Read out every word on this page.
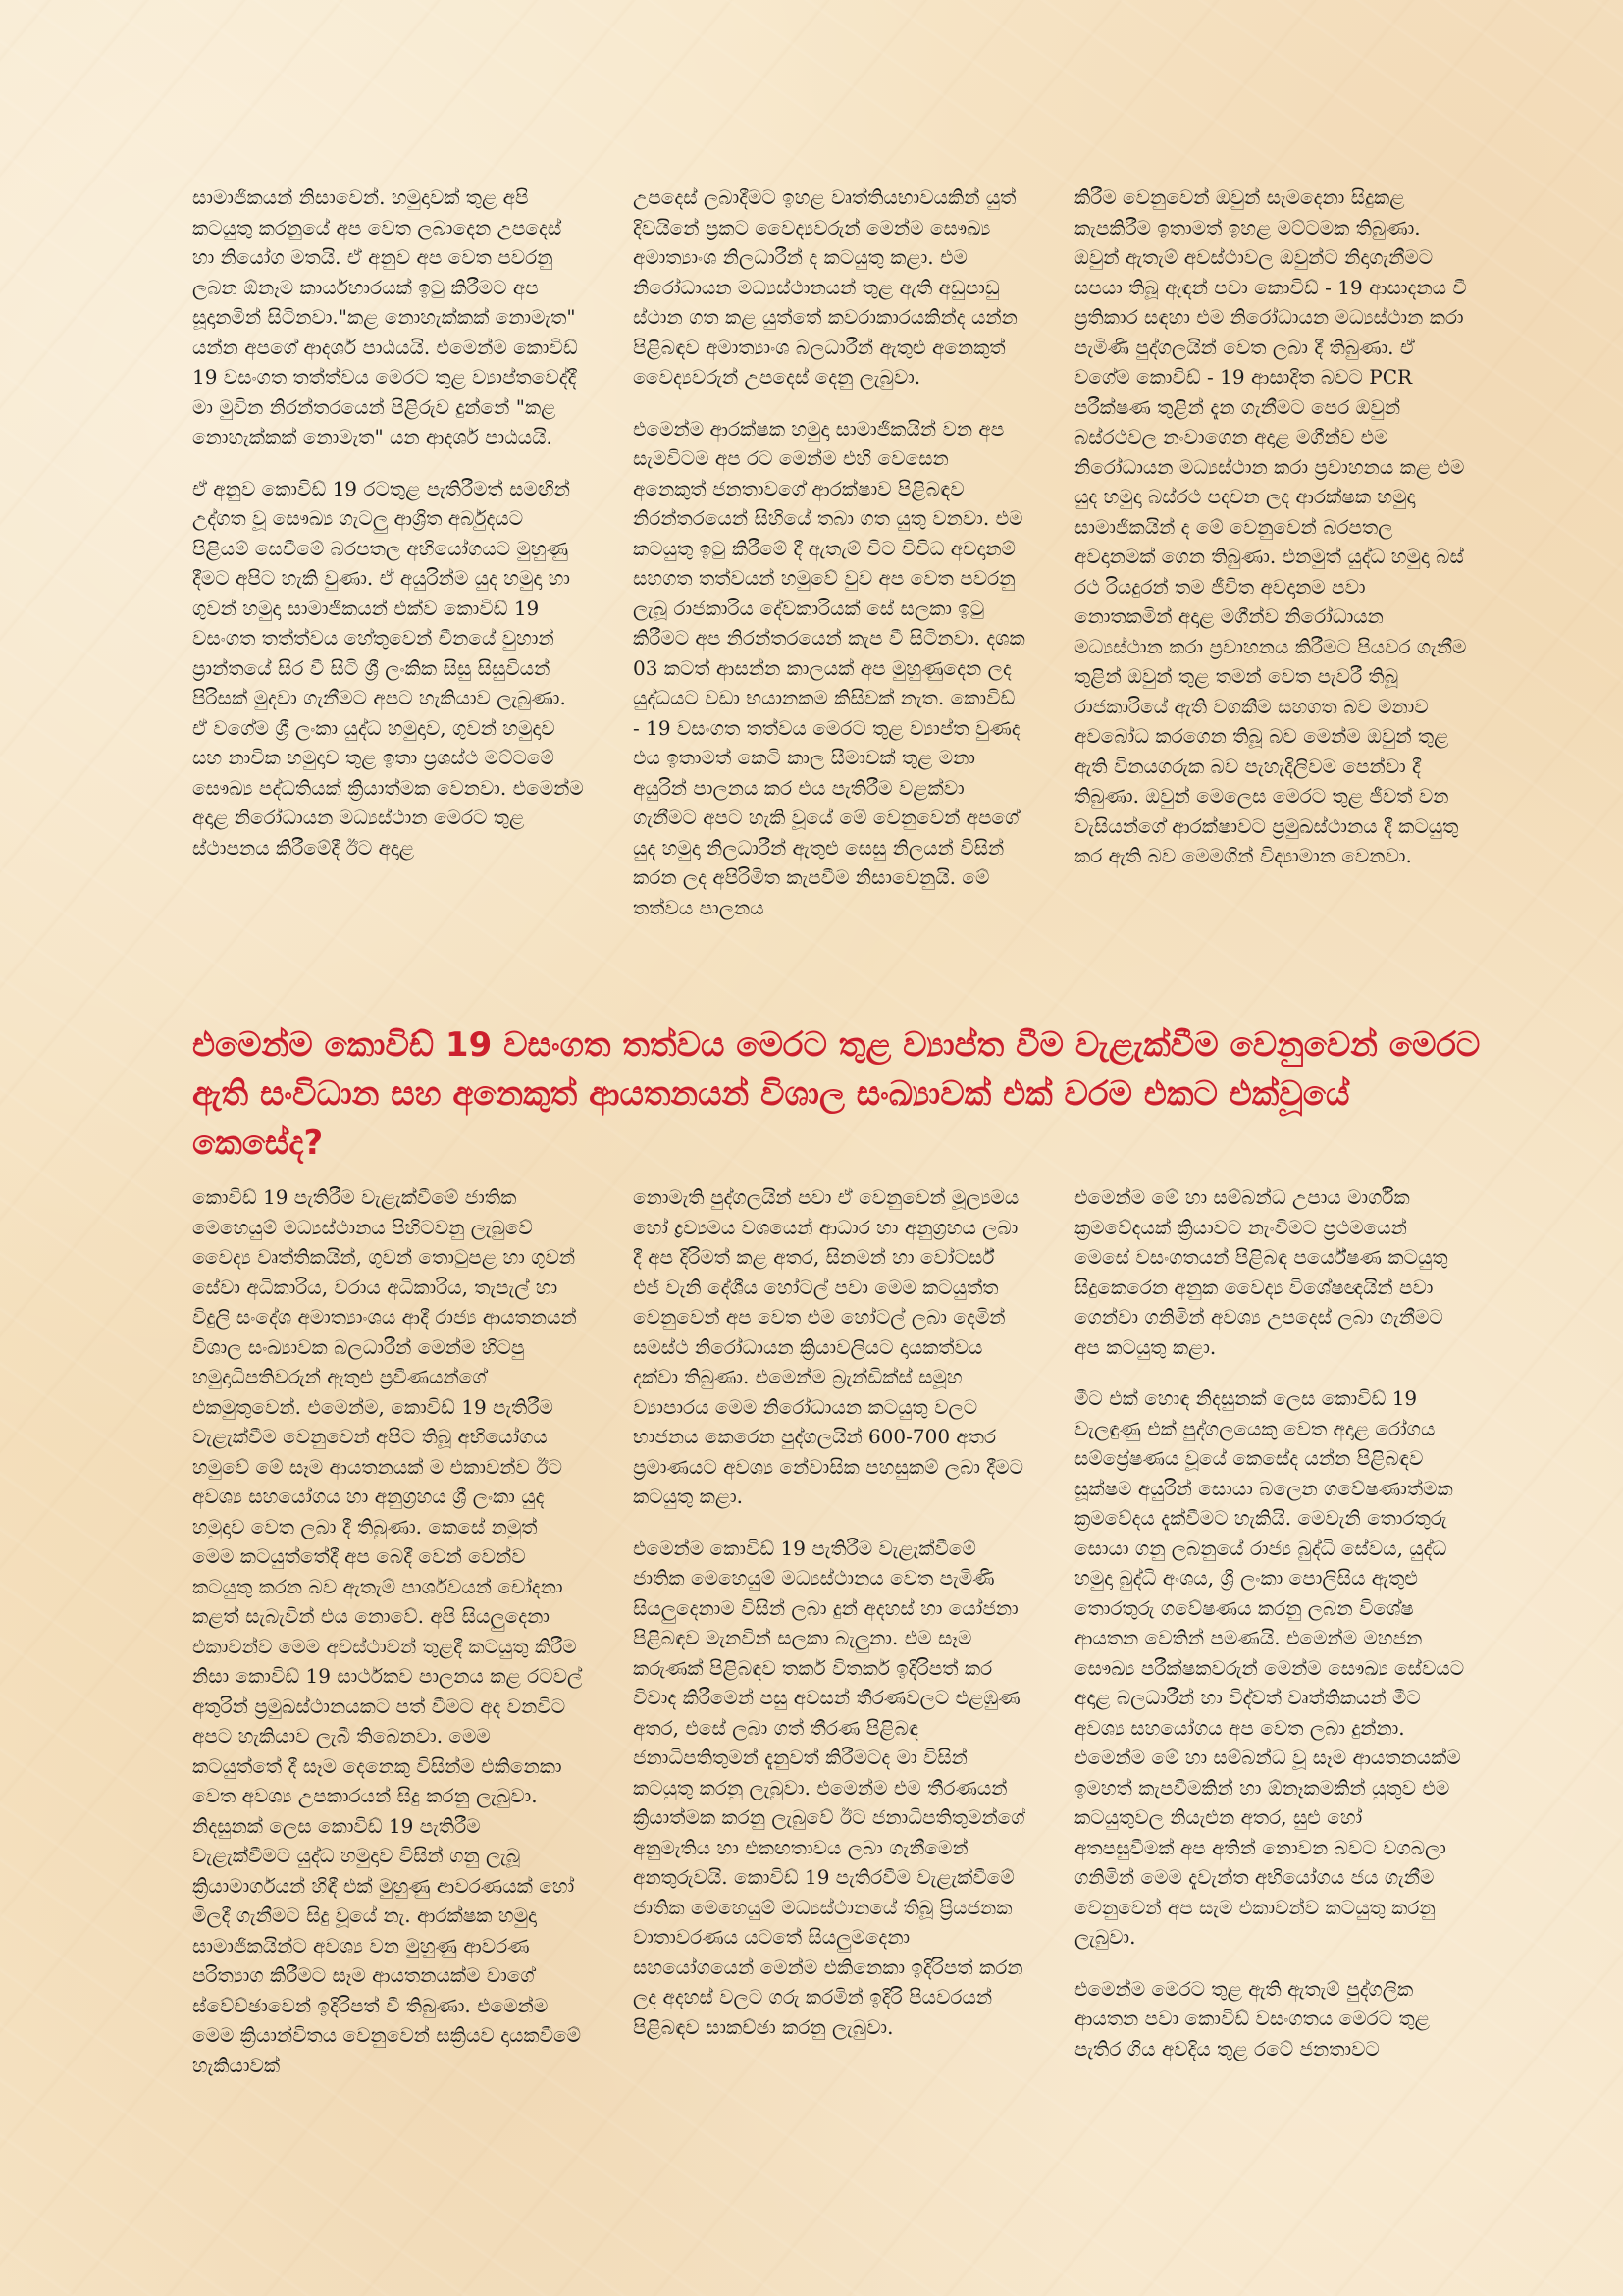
සාමාජිකයන් නිසාවෙන්. හමුදාවක් තුළ අපි කටයුතු කරනුයේ අප වෙත ලබාදෙන උපදෙස් හා නියෝග මතයි. ඒ අනුව අප වෙත පවරනු ලබන ඕනෑම කාර්යභාරයක් ඉටු කිරීමට අප සූදානමින් සිටිනවා."කළ නොහැක්කක් නොමැත" යන්න අපගේ ආදර්ශ පාඨයයි. එමෙන්ම කොවිඩ් 19 වසංගත තත්ත්වය මෙරට තුළ ව්‍යාප්තවෙද්දී මා මුවින නිරන්තරයෙන් පිළිරුව දුන්නේ "කළ නොහැක්කක් නොමැත" යන ආදර්ශ පාඨයයි.

ඒ අනුව කොවිඩ් 19 රටතුළ පැතිරීමත් සමඟින් උද්ගත වූ සෞඛ්‍ය ගැටලු ආශ්‍රිත අර්බුදයට පිළියම් සෙවීමේ බරපතල අභියෝගයට මුහුණු දීමට අපිට හැකි වුණා. ඒ අයුරින්ම යුද හමුදා හා ගුවන් හමුදා සාමාජිකයන් එක්ව කොවිඩ් 19 වසංගත තත්ත්වය හේතුවෙන් චීනයේ වුහාන් ප්‍රාන්තයේ සිර වී සිටි ශ්‍රී ලංකික සිසු සිසුවියන් පිරිසක් මුදවා ගැනීමට අපට හැකියාව ලැබුණා. ඒ වගේම ශ්‍රී ලංකා යුද්ධ හමුදාව, ගුවන් හමුදාව සහ නාවික හමුදාව තුළ ඉතා ප්‍රශස්ථ මට්ටමේ සෞඛ්‍ය පද්ධතියක් ක්‍රියාත්මක වෙනවා. එමෙන්ම අදාළ නිරෝධායන මධ්‍යස්ථාන මෙරට තුළ ස්ථාපනය කිරීමේදී ඊට අදාළ

උපදෙස් ලබාදීමට ඉහළ වෘත්තියභාවයකින් යුත් දිවයිනේ ප්‍රකට වෛද්‍යවරුන් මෙන්ම සෞඛ්‍ය අමාත්‍යාංශ නිලධාරීන් ද කටයුතු කළා. එම නිරෝධායන මධ්‍යස්ථානයන් තුළ ඇති අඩුපාඩු ස්ථාන ගත කළ යුත්තේ කවරාකාරයකින්ද යන්න පිළිබඳව අමාත්‍යාංශ බලධාරීන් ඇතුළු අනෙකුත් වෛද්‍යවරුන් උපදෙස් දෙනු ලැබුවා.

එමෙන්ම ආරක්ෂක හමුදා සාමාජිකයින් වන අප සැමවිටම අප රට මෙන්ම එහි වෙසෙන අනෙකුත් ජනතාවගේ ආරක්ෂාව පිළිබඳව නිරන්තරයෙන් සිහියේ තබා ගත යුතු වනවා. එම කටයුතු ඉටු කිරීමේ දී ඇතැම් විට විවිධ අවදානම් සහගත තත්වයන් හමුවේ වුව අප වෙත පවරනු ලැබූ රාජකාරිය දේවකාරියක් සේ සලකා ඉටු කිරීමට අප නිරන්තරයෙන් කැප වී සිටිනවා. දශක 03 කටත් ආසන්න කාලයක් අප මුහුණුදෙන ලද යුද්ධයට වඩා භයානකම කිසිවක් නැත. කොවිඩ් - 19 වසංගත තත්වය මෙරට තුළ ව්‍යාප්ත වුණද එය ඉතාමත් කෙටි කාල සීමාවක් තුළ මනා අයුරින් පාලනය කර එය පැතිරීම වළක්වා ගැනීමට අපට හැකි වූයේ මේ වෙනුවෙන් අපගේ යුද හමුදා නිලධාරීන් ඇතුළු සෙසු නිලයන් විසින් කරන ලද අපිරිමිත කැපවීම නිසාවෙනුයි. මේ තත්වය පාලනය

කිරීම වෙනුවෙන් ඔවුන් සැමදෙනා සිදුකළ කැපකිරීම ඉතාමත් ඉහළ මට්ටමක තිබුණා. ඔවුන් ඇතැම් අවස්ථාවල ඔවුන්ට නිදාගැනීමට සපයා තිබූ ඇඳන් පවා කොවිඩ් - 19 ආසාදනය වී ප්‍රතිකාර සඳහා එම නිරෝධායන මධ්‍යස්ථාන කරා පැමිණි පුද්ගලයින් වෙත ලබා දී තිබුණා. ඒ වගේම කොවිඩ් - 19 ආසාදිත බවට PCR පරීක්ෂණ තුළින් දැන ගැනීමට පෙර ඔවුන් බස්රථවල නංවාගෙන අදාළ මගීන්ව එම නිරෝධායන මධ්‍යස්ථාන කරා ප්‍රවාහනය කළ එම යුද හමුදා බස්රථ පදවන ලද ආරක්ෂක හමුදා සාමාජිකයින් ද මේ වෙනුවෙන් බරපතල අවදානමක් ගෙන තිබුණා. එනමුත් යුද්ධ හමුදා බස් රථ රියදුරන් තම ජීවිත අවදානම පවා නොතකමින් අදාළ මගීන්ව නිරෝධායන මධ්‍යස්ථාන කරා ප්‍රවාහනය කිරීමට පියවර ගැනීම තුළින් ඔවුන් තුළ තමන් වෙත පැවරී තිබූ රාජකාරියේ ඇති වගකීම සහගත බව මනාව අවබෝධ කරගෙන තිබූ බව මෙන්ම ඔවුන් තුළ ඇති විනයගරුක බව පැහැදිලිවම පෙන්වා දී තිබුණා. ඔවුන් මෙලෙස මෙරට තුළ ජීවත් වන වැසියන්ගේ ආරක්ෂාවට ප්‍රමුඛස්ථානය දී කටයුතු කර ඇති බව මෙමගින් විද්‍යාමාන වෙනවා.

එමෙන්ම කොවිඩ් 19 වසංගත තත්වය මෙරට තුළ ව්‍යාප්ත වීම වැළැක්වීම වෙනුවෙන් මෙරට ඇති සංවිධාන සහ අනෙකුත් ආයතනයන් විශාල සංඛ්‍යාවක් එක් වරම එකට එක්වූයේ කෙසේද?

කොවිඩ් 19 පැතිරීම වැළැක්වීමේ ජාතික මෙහෙයුම් මධ්‍යස්ථානය පිහිටවනු ලැබුවේ වෛද්‍ය වෘත්තිකයින්, ගුවන් තොටුපළ හා ගුවන් සේවා අධිකාරිය, වරාය අධිකාරිය, තැපැල් හා විදුලි සංදේශ අමාත්‍යාංශය ආදී රාජ්‍ය ආයතනයන් විශාල සංඛ්‍යාවක බලධාරීන් මෙන්ම හිටපු හමුදාධිපතිවරුන් ඇතුළු ප්‍රවීණයන්ගේ එකමුතුවෙන්. එමෙන්ම, කොවිඩ් 19 පැතිරීම වැළැක්වීම වෙනුවෙන් අපිට තිබූ අභියෝගය හමුවේ මේ සෑම ආයතනයක් ම එකාවන්ව ඊට අවශ්‍ය සහයෝගය හා අනුග්‍රහය ශ්‍රී ලංකා යුද හමුදාව වෙත ලබා දී තිබුණා. කෙසේ නමුත් මෙම කටයුත්තේදී අප බෙදී වෙන් වෙන්ව කටයුතු කරන බව ඇතැම් පාර්ශවයන් චෝදනා කළත් සැබැවින් එය නොවේ. අපි සියලුදෙනා එකාවන්ව මෙම අවස්ථාවන් තුළදී කටයුතු කිරීම නිසා කොවිඩ් 19 සාර්ථකව පාලනය කළ රටවල් අතුරින් ප්‍රමුඛස්ථානයකට පත් වීමට අද වනවිට අපට හැකියාව ලැබී තිබෙනවා. මෙම කටයුත්තේ දී සෑම දෙනෙකු විසින්ම එකිනෙකා වෙත අවශ්‍ය උපකාරයන් සිදු කරනු ලැබුවා. නිදසුනක් ලෙස කොවිඩ් 19 පැතිරීම වැළැක්වීමට යුද්ධ හමුදාව විසින් ගනු ලැබූ ක්‍රියාමාර්ගයන් හිඳී එක් මුහුණු ආවරණයක් හෝ මිලදී ගැනීමට සිදු වූයේ නැ. ආරක්ෂක හමුදා සාමාජිකයින්ට අවශ්‍ය වන මුහුණු ආවරණ පරිත්‍යාග කිරීමට සෑම ආයතනයක්ම වාගේ ස්වේච්ඡාවෙන් ඉදිරිපත් වී තිබුණා. එමෙන්ම මෙම ක්‍රියාන්විතය වෙනුවෙන් සක්‍රියව දායකවීමේ හැකියාවක්

නොමැති පුද්ගලයින් පවා ඒ වෙනුවෙන් මූල්‍යමය හෝ ද්‍රව්‍යමය වශයෙන් ආධාර හා අනුග්‍රහය ලබා දී අප දිරිමත් කළ අතර, සිනමන් හා වෝටර්ස් එජ් වැනි දේශීය හෝටල් පවා මෙම කටයුත්ත වෙනුවෙන් අප වෙත එම හෝටල් ලබා දෙමින් සමස්ථ නිරෝධායන ක්‍රියාවලියට දායකත්වය දක්වා තිබුණා. එමෙන්ම බ්‍රැන්ඩික්ස් සමූහ ව්‍යාපාරය මෙම නිරෝධායන කටයුතු වලට භාජනය කෙරෙන පුද්ගලයින් 600-700 අතර ප්‍රමාණයට අවශ්‍ය නේවාසික පහසුකම් ලබා දීමට කටයුතු කළා.

එමෙන්ම කොවිඩ් 19 පැතිරීම වැළැක්වීමේ ජාතික මෙහෙයුම් මධ්‍යස්ථානය වෙත පැමිණි සියලුදෙනාම විසින් ලබා දුන් අදහස් හා යෝජනා පිළිබඳව මැනවින් සලකා බැලුනා. එම සෑම කරුණක් පිළිබඳව තර්ක විතර්ක ඉදිරිපත් කර විවාද කිරීමෙන් පසු අවසන් තීරණවලට එළඹුණ අතර, එසේ ලබා ගත් තීරණ පිළිබඳ ජනාධිපතිතුමන් දැනුවත් කිරීමටද මා විසින් කටයුතු කරනු ලැබුවා. එමෙන්ම එම තීරණයන් ක්‍රියාත්මක කරනු ලැබුවේ ඊට ජනාධිපතිතුමන්ගේ අනුමැතිය හා එකඟතාවය ලබා ගැනීමෙන් අනතුරුවයි. කොවිඩ් 19 පැතිරවීම වැළැක්වීමේ ජාතික මෙහෙයුම් මධ්‍යස්ථානයේ තිබූ ප්‍රියජනක වාතාවරණය යටතේ සියලුමදෙනා සහයෝගයෙන් මෙන්ම එකිනෙකා ඉදිරිපත් කරන ලද අදහස් වලට ගරු කරමින් ඉදිරි පියවරයන් පිළිබඳව සාකච්ඡා කරනු ලැබුවා.

එමෙන්ම මේ හා සම්බන්ධ උපාය මාර්ගික ක්‍රමවේදයක් ක්‍රියාවට නැංවීමට ප්‍රථමයෙන් මෙසේ වසංගතයන් පිළිබඳ පර්යේෂණ කටයුතු සිදුකෙරෙන අනුක වෛද්‍ය විශේෂඥයින් පවා ගෙන්වා ගනිමින් අවශ්‍ය උපදෙස් ලබා ගැනීමට අප කටයුතු කළා.

මීට එක් හොඳ නිදසුනක් ලෙස කොවිඩ් 19 වැලඳුණු එක් පුද්ගලයෙකු වෙත අදාළ රෝගය සම්ප්‍රේෂණය වූයේ කෙසේද යන්න පිළිබඳව සූක්ෂම අයුරින් සොයා බලෙන ගවේෂණාත්මක ක්‍රමවේදය දැක්වීමට හැකියි. මෙවැනි තොරතුරු සොයා ගනු ලබනුයේ රාජ්‍ය බුද්ධි සේවය, යුද්ධ හමුදා බුද්ධි අංශය, ශ්‍රී ලංකා පොලිසිය ඇතුළු තොරතුරු ගවේෂණය කරනු ලබන විශේෂ ආයතන වෙතින් පමණයි. එමෙන්ම මහජන සෞඛ්‍ය පරීක්ෂකවරුන් මෙන්ම සෞඛ්‍ය සේවයට අදාළ බලධාරීන් හා විද්වත් වෘත්තිකයන් මීට අවශ්‍ය සහයෝගය අප වෙත ලබා දුන්නා. එමෙන්ම මේ හා සම්බන්ධ වූ සෑම ආයතනයක්ම ඉමහත් කැපවීමකින් හා ඕනෑකමකින් යුතුව එම කටයුතුවල නියැළුන අතර, සුළු හෝ අතපසුවීමක් අප අතින් නොවන බවට වගබලා ගනිමින් මෙම දැවැන්ත අභියෝගය ජය ගැනීම වෙනුවෙන් අප සැම එකාවන්ව කටයුතු කරනු ලැබුවා.

එමෙන්ම මෙරට තුළ ඇති ඇතැම් පුද්ගලික ආයතන පවා කොවිඩ් වසංගතය මෙරට තුළ පැතිර ගිය අවදිය තුළ රටේ ජනතාවට
